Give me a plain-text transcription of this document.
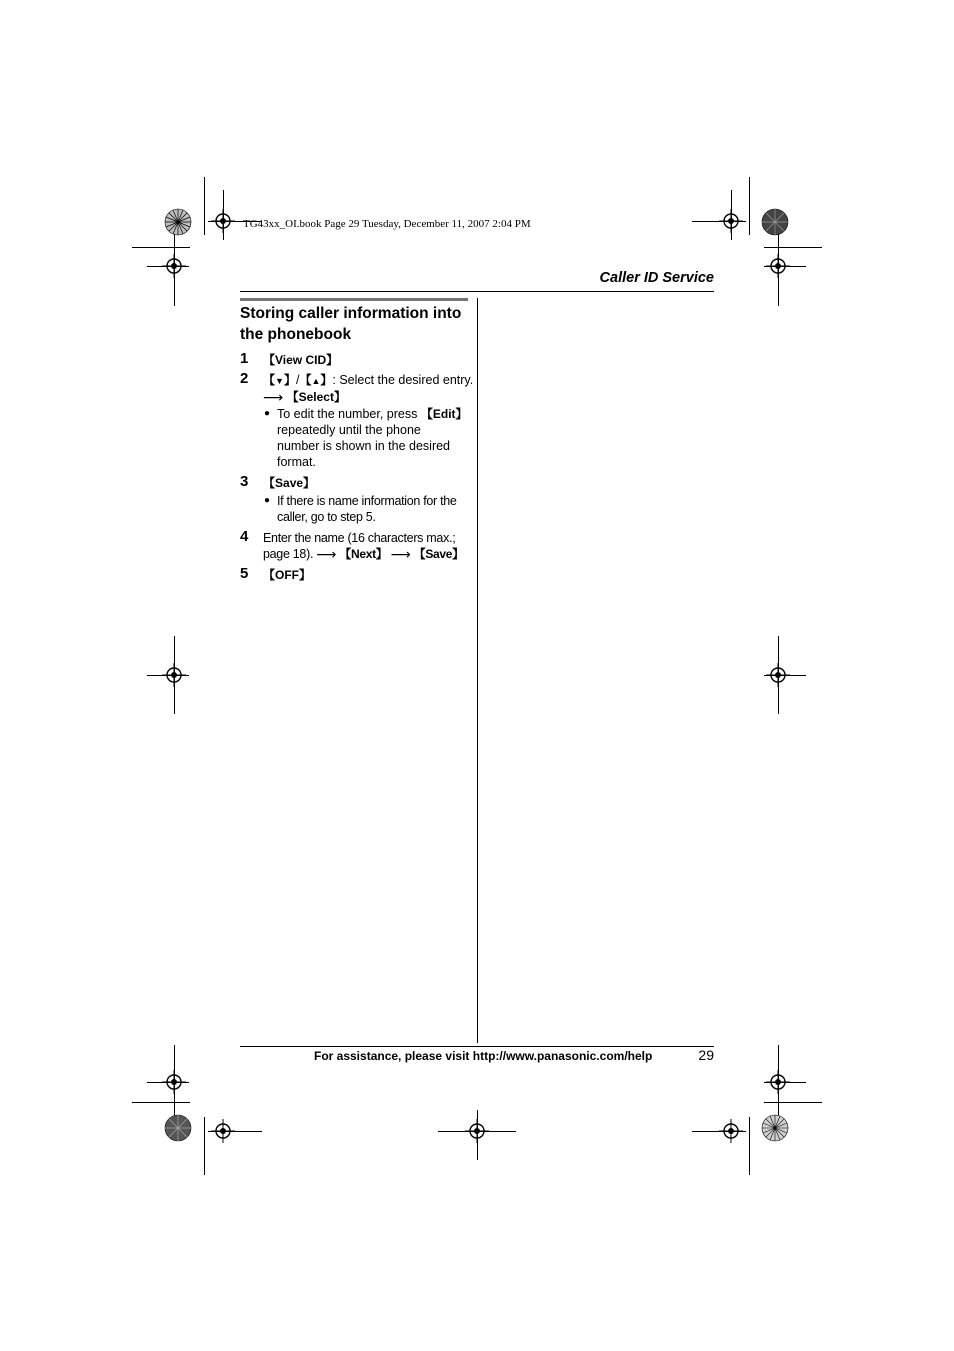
TG43xx_OI.book Page 29 Tuesday, December 11, 2007 2:04 PM
Caller ID Service
Storing caller information into
the phonebook
1 【View CID】
2 【▼】/【▲】: Select the desired entry.
⟶ 【Select】
● To edit the number, press 【Edit】
repeatedly until the phone
number is shown in the desired
format.
3 【Save】
● If there is name information for the
caller, go to step 5.
4 Enter the name (16 characters max.;
page 18). ⟶ 【Next】 ⟶ 【Save】
5 【OFF】
For assistance, please visit http://www.panasonic.com/help	29
